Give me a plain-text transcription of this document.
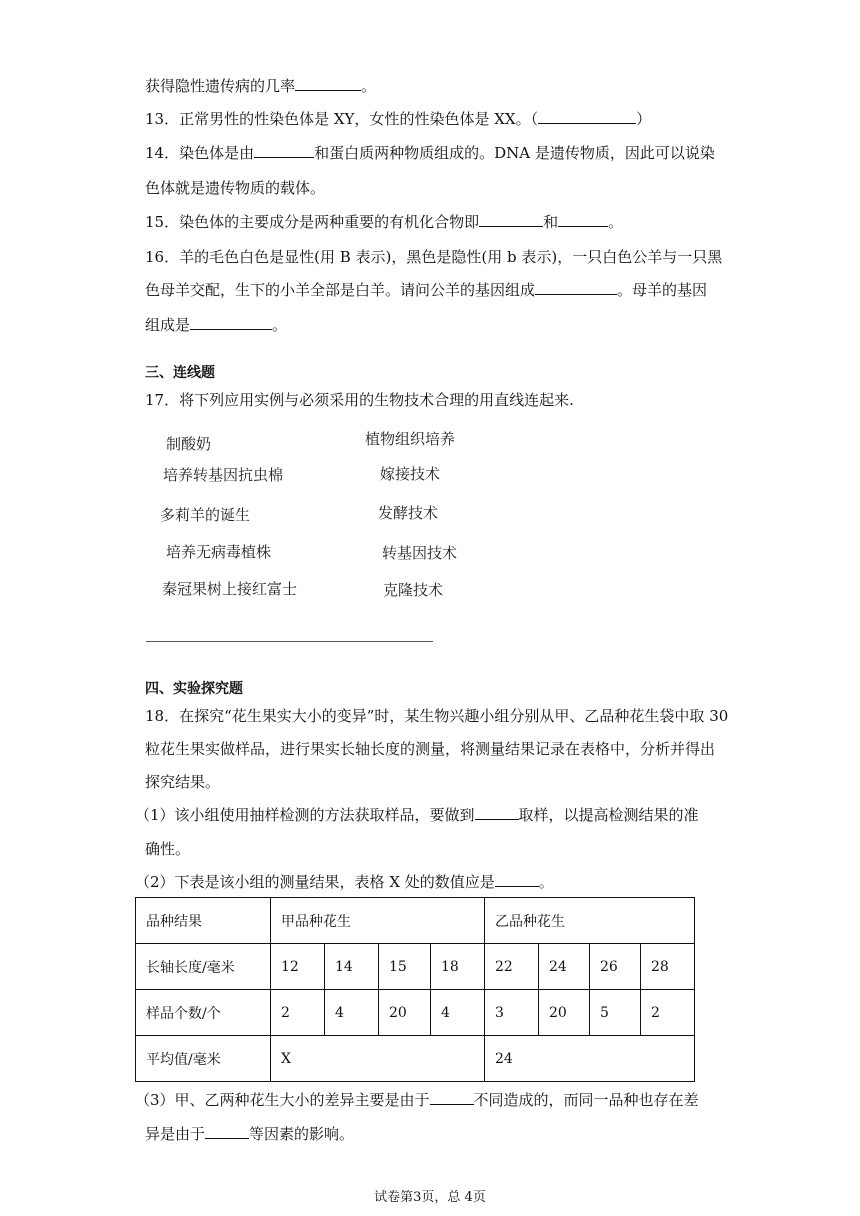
获得隐性遗传病的几率	。
13．正常男性的性染色体是 XY，女性的性染色体是 XX。（	）
14．染色体是由	和蛋白质两种物质组成的。DNA 是遗传物质，因此可以说染
色体就是遗传物质的载体。
15．染色体的主要成分是两种重要的有机化合物即	和	。
16．羊的毛色白色是显性(用 B 表示)，黑色是隐性(用 b 表示)，一只白色公羊与一只黑
色母羊交配，生下的小羊全部是白羊。请问公羊的基因组成	。母羊的基因
组成是	。
三、连线题
17．将下列应用实例与必须采用的生物技术合理的用直线连起来.
制酸奶
培养转基因抗虫棉
多莉羊的诞生
培养无病毒植株
秦冠果树上接红富士
植物组织培养
嫁接技术
发酵技术
转基因技术
克隆技术
四、实验探究题
18．在探究“花生果实大小的变异”时，某生物兴趣小组分别从甲、乙品种花生袋中取 30
粒花生果实做样品，进行果实长轴长度的测量，将测量结果记录在表格中，分析并得出
探究结果。
（1）该小组使用抽样检测的方法获取样品，要做到	取样，以提高检测结果的准
确性。
（2）下表是该小组的测量结果，表格 X 处的数值应是	。
品种结果	甲品种花生				乙品种花生			
长轴长度/毫米	12	14	15	18	22	24	26	28
样品个数/个	2	4	20	4	3	20	5	2
平均值/毫米	X				24			
（3）甲、乙两种花生大小的差异主要是由于	不同造成的，而同一品种也存在差
异是由于	等因素的影响。
试卷第3页，总 4页
